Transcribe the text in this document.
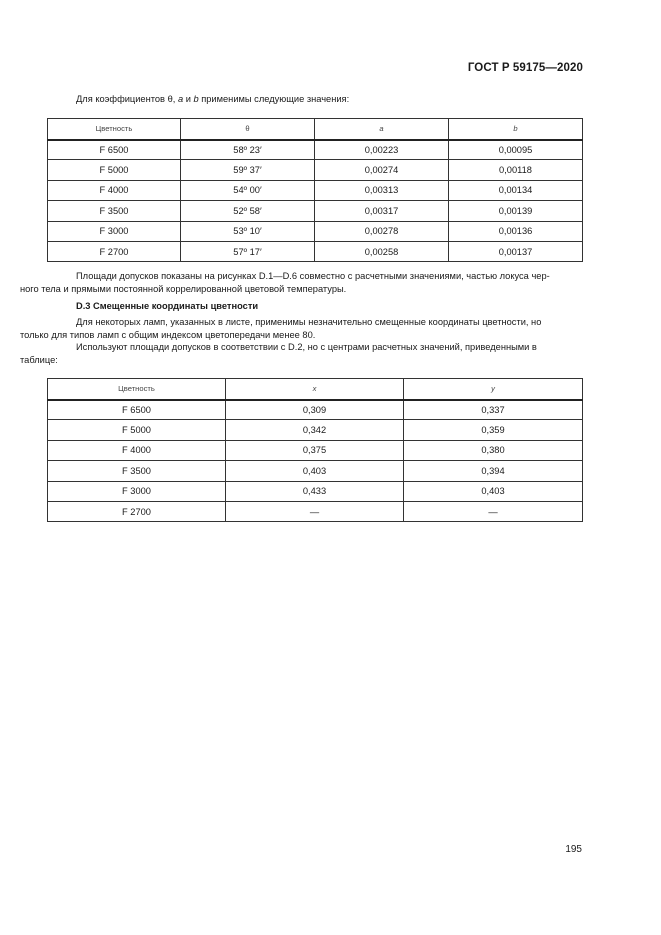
ГОСТ Р 59175—2020

Для коэффициентов θ, a и b применимы следующие значения:

Цветность	θ	a	b
F 6500	58º 23′	0,00223	0,00095
F 5000	59º 37′	0,00274	0,00118
F 4000	54º 00′	0,00313	0,00134
F 3500	52º 58′	0,00317	0,00139
F 3000	53º 10′	0,00278	0,00136
F 2700	57º 17′	0,00258	0,00137

Площади допусков показаны на рисунках D.1—D.6 совместно с расчетными значениями, частью локуса чер-
ного тела и прямыми постоянной коррелированной цветовой температуры.

D.3 Смещенные координаты цветности

Для некоторых ламп, указанных в листе, применимы незначительно смещенные координаты цветности, но
только для типов ламп с общим индексом цветопередачи менее 80.

Используют площади допусков в соответствии с D.2, но с центрами расчетных значений, приведенными в
таблице:

Цветность	x	y
F 6500	0,309	0,337
F 5000	0,342	0,359
F 4000	0,375	0,380
F 3500	0,403	0,394
F 3000	0,433	0,403
F 2700	—	—
195
